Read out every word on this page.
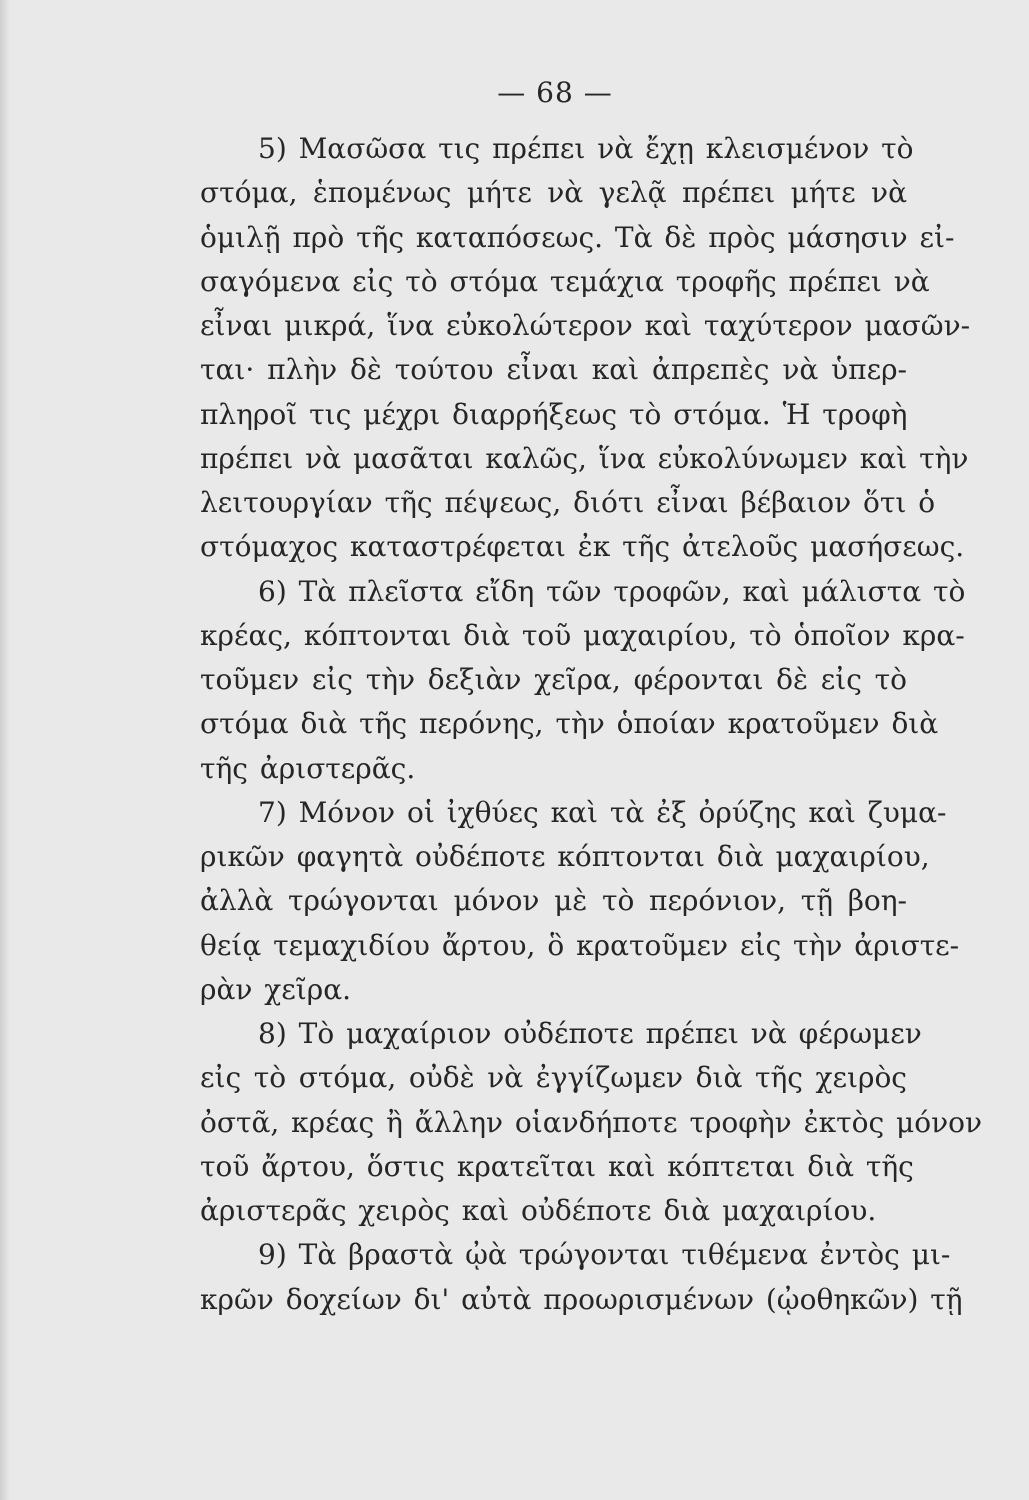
— 68 —
5) Μασῶσα τις πρέπει νὰ ἔχῃ κλεισμένον τὸ
στόμα, ἑπομένως μήτε νὰ γελᾷ πρέπει μήτε νὰ
ὁμιλῇ πρὸ τῆς καταπόσεως. Τὰ δὲ πρὸς μάσησιν εἰ-
σαγόμενα εἰς τὸ στόμα τεμάχια τροφῆς πρέπει νὰ
εἶναι μικρά, ἵνα εὐκολώτερον καὶ ταχύτερον μασῶν-
ται· πλὴν δὲ τούτου εἶναι καὶ ἀπρεπὲς νὰ ὑπερ-
πληροῖ τις μέχρι διαρρήξεως τὸ στόμα. Ἡ τροφὴ
πρέπει νὰ μασᾶται καλῶς, ἵνα εὐκολύνωμεν καὶ τὴν
λειτουργίαν τῆς πέψεως, διότι εἶναι βέβαιον ὅτι ὁ
στόμαχος καταστρέφεται ἐκ τῆς ἀτελοῦς μασήσεως.
6) Τὰ πλεῖστα εἴδη τῶν τροφῶν, καὶ μάλιστα τὸ
κρέας, κόπτονται διὰ τοῦ μαχαιρίου, τὸ ὁποῖον κρα-
τοῦμεν εἰς τὴν δεξιὰν χεῖρα, φέρονται δὲ εἰς τὸ
στόμα διὰ τῆς περόνης, τὴν ὁποίαν κρατοῦμεν διὰ
τῆς ἀριστερᾶς.
7) Μόνον οἱ ἰχθύες καὶ τὰ ἐξ ὀρύζης καὶ ζυμα-
ρικῶν φαγητὰ οὐδέποτε κόπτονται διὰ μαχαιρίου,
ἀλλὰ τρώγονται μόνον μὲ τὸ περόνιον, τῇ βοη-
θείᾳ τεμαχιδίου ἄρτου, ὃ κρατοῦμεν εἰς τὴν ἀριστε-
ρὰν χεῖρα.
8) Τὸ μαχαίριον οὐδέποτε πρέπει νὰ φέρωμεν
εἰς τὸ στόμα, οὐδὲ νὰ ἐγγίζωμεν διὰ τῆς χειρὸς
ὀστᾶ, κρέας ἢ ἄλλην οἱανδήποτε τροφὴν ἐκτὸς μόνον
τοῦ ἄρτου, ὅστις κρατεῖται καὶ κόπτεται διὰ τῆς
ἀριστερᾶς χειρὸς καὶ οὐδέποτε διὰ μαχαιρίου.
9) Τὰ βραστὰ ᾠὰ τρώγονται τιθέμενα ἐντὸς μι-
κρῶν δοχείων δι' αὐτὰ προωρισμένων (ᾠοθηκῶν) τῇ
